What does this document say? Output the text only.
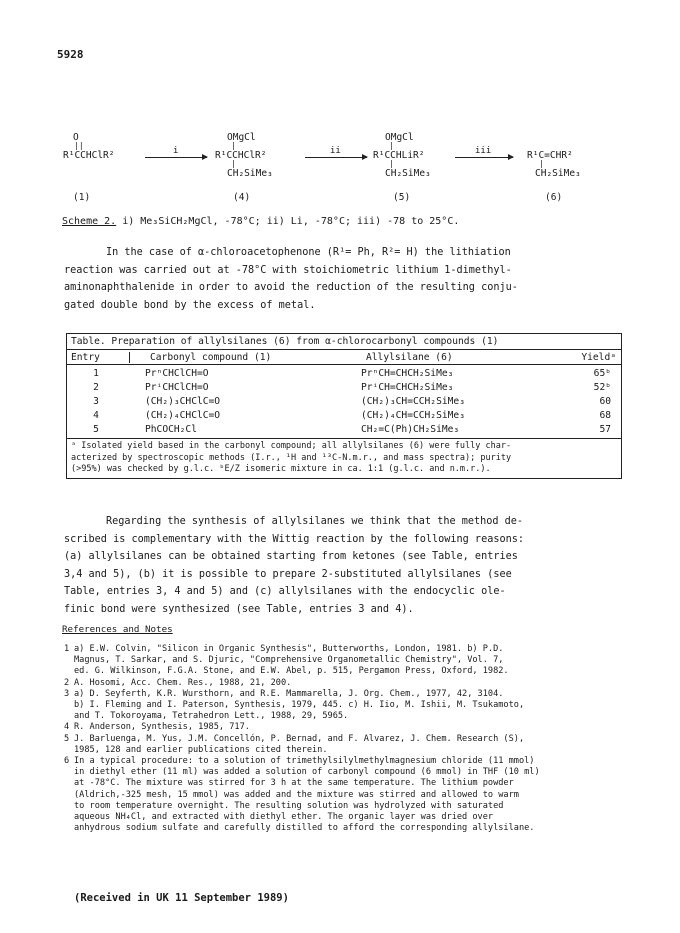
5928
O
||
R¹CCHClR²
(1)
i
OMgCl
|
R¹CCHClR²
|
CH₂SiMe₃
(4)
ii
OMgCl
|
R¹CCHLiR²
|
CH₂SiMe₃
(5)
iii	R¹C=CHR²
|
CH₂SiMe₃
(6)
Scheme 2. i) Me₃SiCH₂MgCl, -78°C; ii) Li, -78°C; iii) -78 to 25°C.

In the case of α-chloroacetophenone (R¹= Ph, R²= H) the lithiation

reaction was carried out at -78°C with stoichiometric lithium 1-dimethyl-

aminonaphthalenide in order to avoid the reduction of the resulting conju-

gated double bond by the excess of metal.

Table. Preparation of allylsilanes (6) from α-chlorocarbonyl compounds (1)
Entry	Carbonyl compound (1)	Allylsilane (6)	Yieldᵃ
1	PrⁿCHClCH=O	PrⁿCH=CHCH₂SiMe₃	65ᵇ
2	PrⁱCHClCH=O	PrⁱCH=CHCH₂SiMe₃	52ᵇ
3	(CH₂)₃CHClC=O	(CH₂)₃CH=CCH₂SiMe₃	60
4	(CH₂)₄CHClC=O	(CH₂)₄CH=CCH₂SiMe₃	68
5	PhCOCH₂Cl	CH₂=C(Ph)CH₂SiMe₃	57

ᵃ Isolated yield based in the carbonyl compound; all allylsilanes (6) were fully char-

acterized by spectroscopic methods (I.r., ¹H and ¹³C-N.m.r., and mass spectra); purity

(>95%) was checked by g.l.c. ᵇE/Z isomeric mixture in ca. 1:1 (g.l.c. and n.m.r.).

Regarding the synthesis of allylsilanes we think that the method de-

scribed is complementary with the Wittig reaction by the following reasons:

(a) allylsilanes can be obtained starting from ketones (see Table, entries

3,4 and 5), (b) it is possible to prepare 2-substituted allylsilanes (see

Table, entries 3, 4 and 5) and (c) allylsilanes with the endocyclic ole-

finic bond were synthesized (see Table, entries 3 and 4).

References and Notes
1 a) E.W. Colvin, "Silicon in Organic Synthesis", Butterworths, London, 1981. b) P.D.
Magnus, T. Sarkar, and S. Djuric, "Comprehensive Organometallic Chemistry", Vol. 7,
ed. G. Wilkinson, F.G.A. Stone, and E.W. Abel, p. 515, Pergamon Press, Oxford, 1982.
2 A. Hosomi, Acc. Chem. Res., 1988, 21, 200.
3 a) D. Seyferth, K.R. Wursthorn, and R.E. Mammarella, J. Org. Chem., 1977, 42, 3104.
b) I. Fleming and I. Paterson, Synthesis, 1979, 445. c) H. Iio, M. Ishii, M. Tsukamoto,
and T. Tokoroyama, Tetrahedron Lett., 1988, 29, 5965.
4 R. Anderson, Synthesis, 1985, 717.
5 J. Barluenga, M. Yus, J.M. Concellón, P. Bernad, and F. Alvarez, J. Chem. Research (S),
1985, 128 and earlier publications cited therein.
6 In a typical procedure: to a solution of trimethylsilylmethylmagnesium chloride (11 mmol)
in diethyl ether (11 ml) was added a solution of carbonyl compound (6 mmol) in THF (10 ml)
at -78°C. The mixture was stirred for 3 h at the same temperature. The lithium powder
(Aldrich,-325 mesh, 15 mmol) was added and the mixture was stirred and allowed to warm
to room temperature overnight. The resulting solution was hydrolyzed with saturated
aqueous NH₄Cl, and extracted with diethyl ether. The organic layer was dried over
anhydrous sodium sulfate and carefully distilled to afford the corresponding allylsilane.
(Received in UK 11 September 1989)
